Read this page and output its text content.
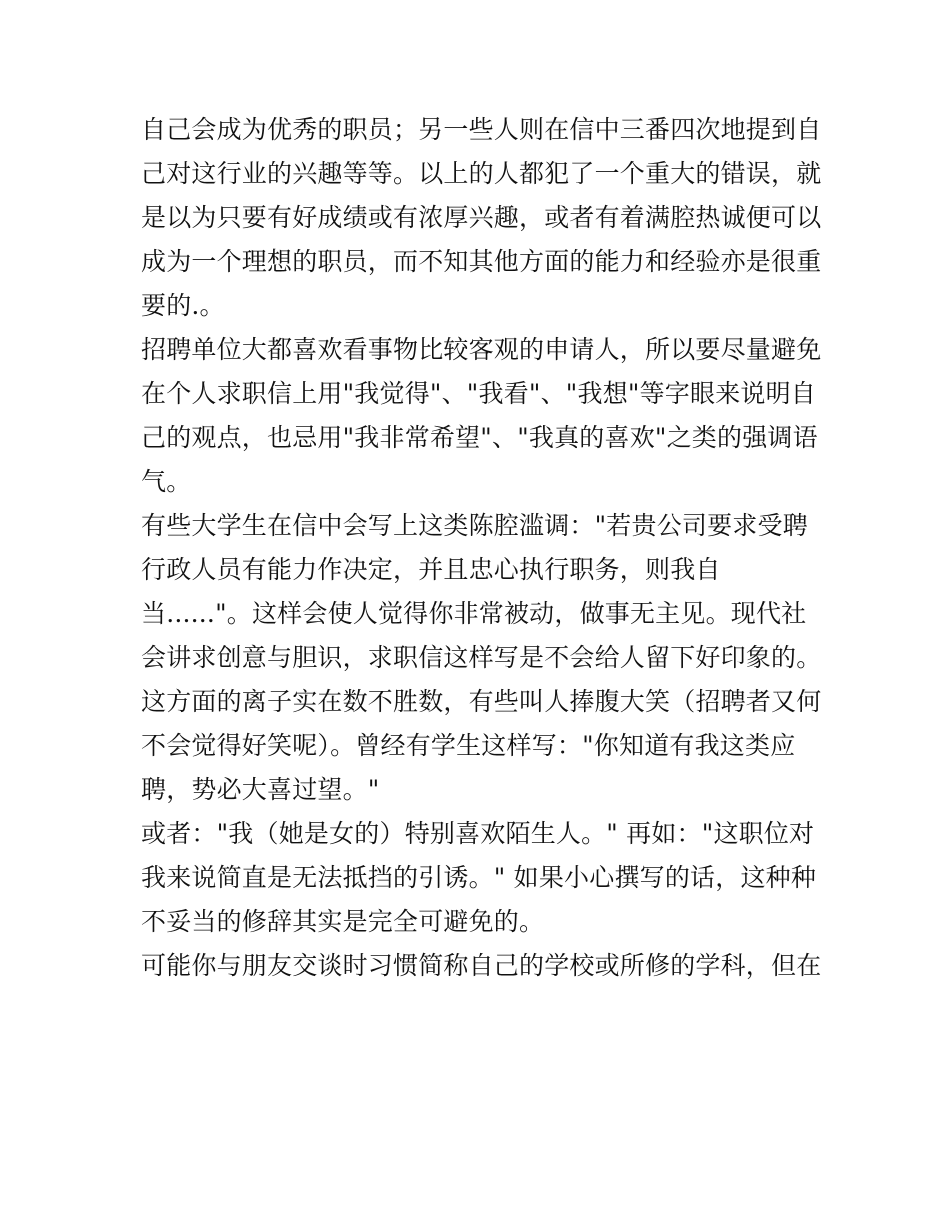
自己会成为优秀的职员；另一些人则在信中三番四次地提到自
己对这行业的兴趣等等。以上的人都犯了一个重大的错误，就
是以为只要有好成绩或有浓厚兴趣，或者有着满腔热诚便可以
成为一个理想的职员，而不知其他方面的能力和经验亦是很重
要的.。
招聘单位大都喜欢看事物比较客观的申请人，所以要尽量避免
在个人求职信上用"我觉得"、"我看"、"我想"等字眼来说明自
己的观点，也忌用"我非常希望"、"我真的喜欢"之类的强调语
气。
有些大学生在信中会写上这类陈腔滥调："若贵公司要求受聘
行政人员有能力作决定，并且忠心执行职务，则我自
当......"。这样会使人觉得你非常被动，做事无主见。现代社
会讲求创意与胆识，求职信这样写是不会给人留下好印象的。
这方面的离子实在数不胜数，有些叫人捧腹大笑（招聘者又何
不会觉得好笑呢）。曾经有学生这样写："你知道有我这类应
聘，势必大喜过望。"
或者："我（她是女的）特别喜欢陌生人。" 再如："这职位对
我来说简直是无法抵挡的引诱。" 如果小心撰写的话，这种种
不妥当的修辞其实是完全可避免的。
可能你与朋友交谈时习惯简称自己的学校或所修的学科，但在
